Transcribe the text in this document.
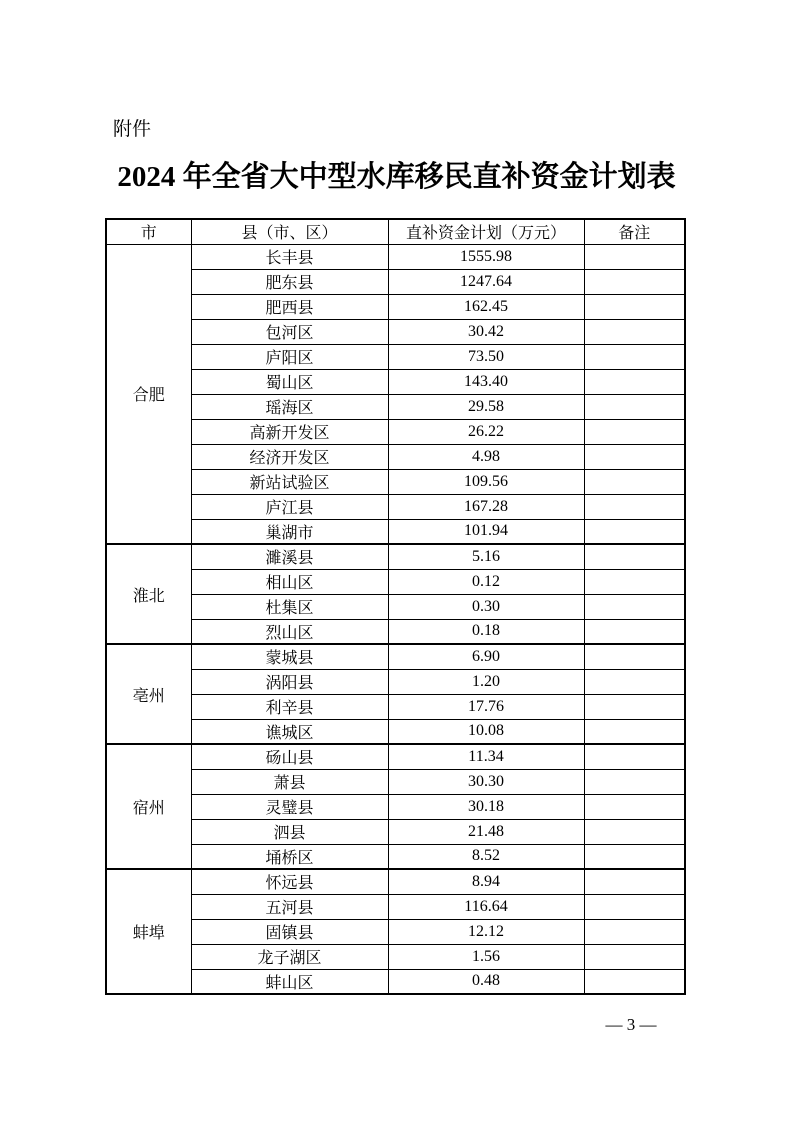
附件
2024 年全省大中型水库移民直补资金计划表
市	县（市、区）	直补资金计划（万元）	备注
合肥	长丰县	1555.98	
	肥东县	1247.64	
	肥西县	162.45	
	包河区	30.42	
	庐阳区	73.50	
	蜀山区	143.40	
	瑶海区	29.58	
	高新开发区	26.22	
	经济开发区	4.98	
	新站试验区	109.56	
	庐江县	167.28	
	巢湖市	101.94	
淮北	濉溪县	5.16	
	相山区	0.12	
	杜集区	0.30	
	烈山区	0.18	
亳州	蒙城县	6.90	
	涡阳县	1.20	
	利辛县	17.76	
	谯城区	10.08	
宿州	砀山县	11.34	
	萧县	30.30	
	灵璧县	30.18	
	泗县	21.48	
	埇桥区	8.52	
蚌埠	怀远县	8.94	
	五河县	116.64	
	固镇县	12.12	
	龙子湖区	1.56	
	蚌山区	0.48	
— 3 —
